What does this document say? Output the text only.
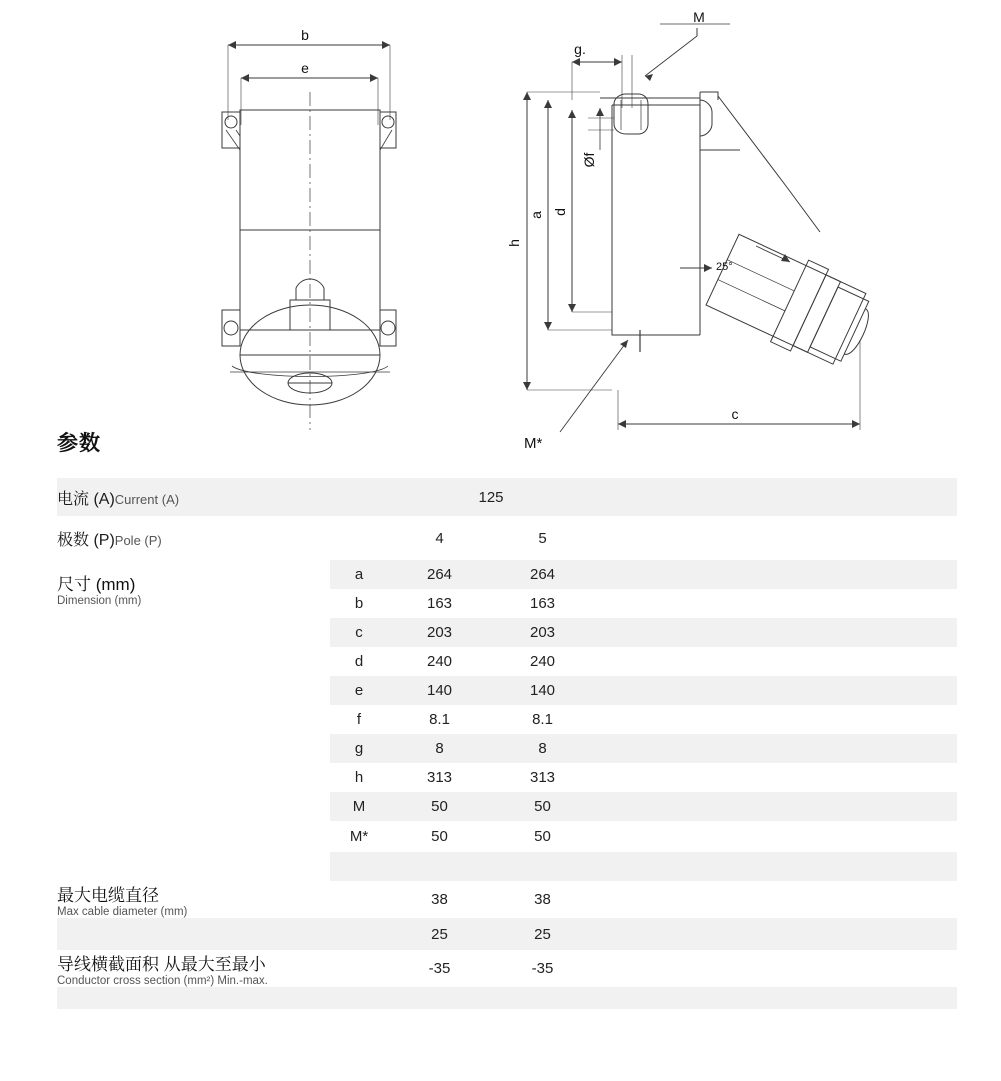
b
e
g.
M
Øf
a d
h
c
25°
M*
参数
电流 (A)Current (A)		125				
极数 (P)Pole (P)		4	5			

尺寸 (mm)
Dimension (mm)	a	264	264			
	b	163	163			
	c	203	203			
	d	240	240			
	e	140	140			
	f	8.1	8.1			
	g	8	8			
	h	313	313			
	M	50	50			
	M*	50	50			

最大电缆直径
Max cable diameter (mm)		38	38			
		25	25			

导线横截面积 从最大至最小
Conductor cross section (mm²) Min.-max.		-35	-35			
